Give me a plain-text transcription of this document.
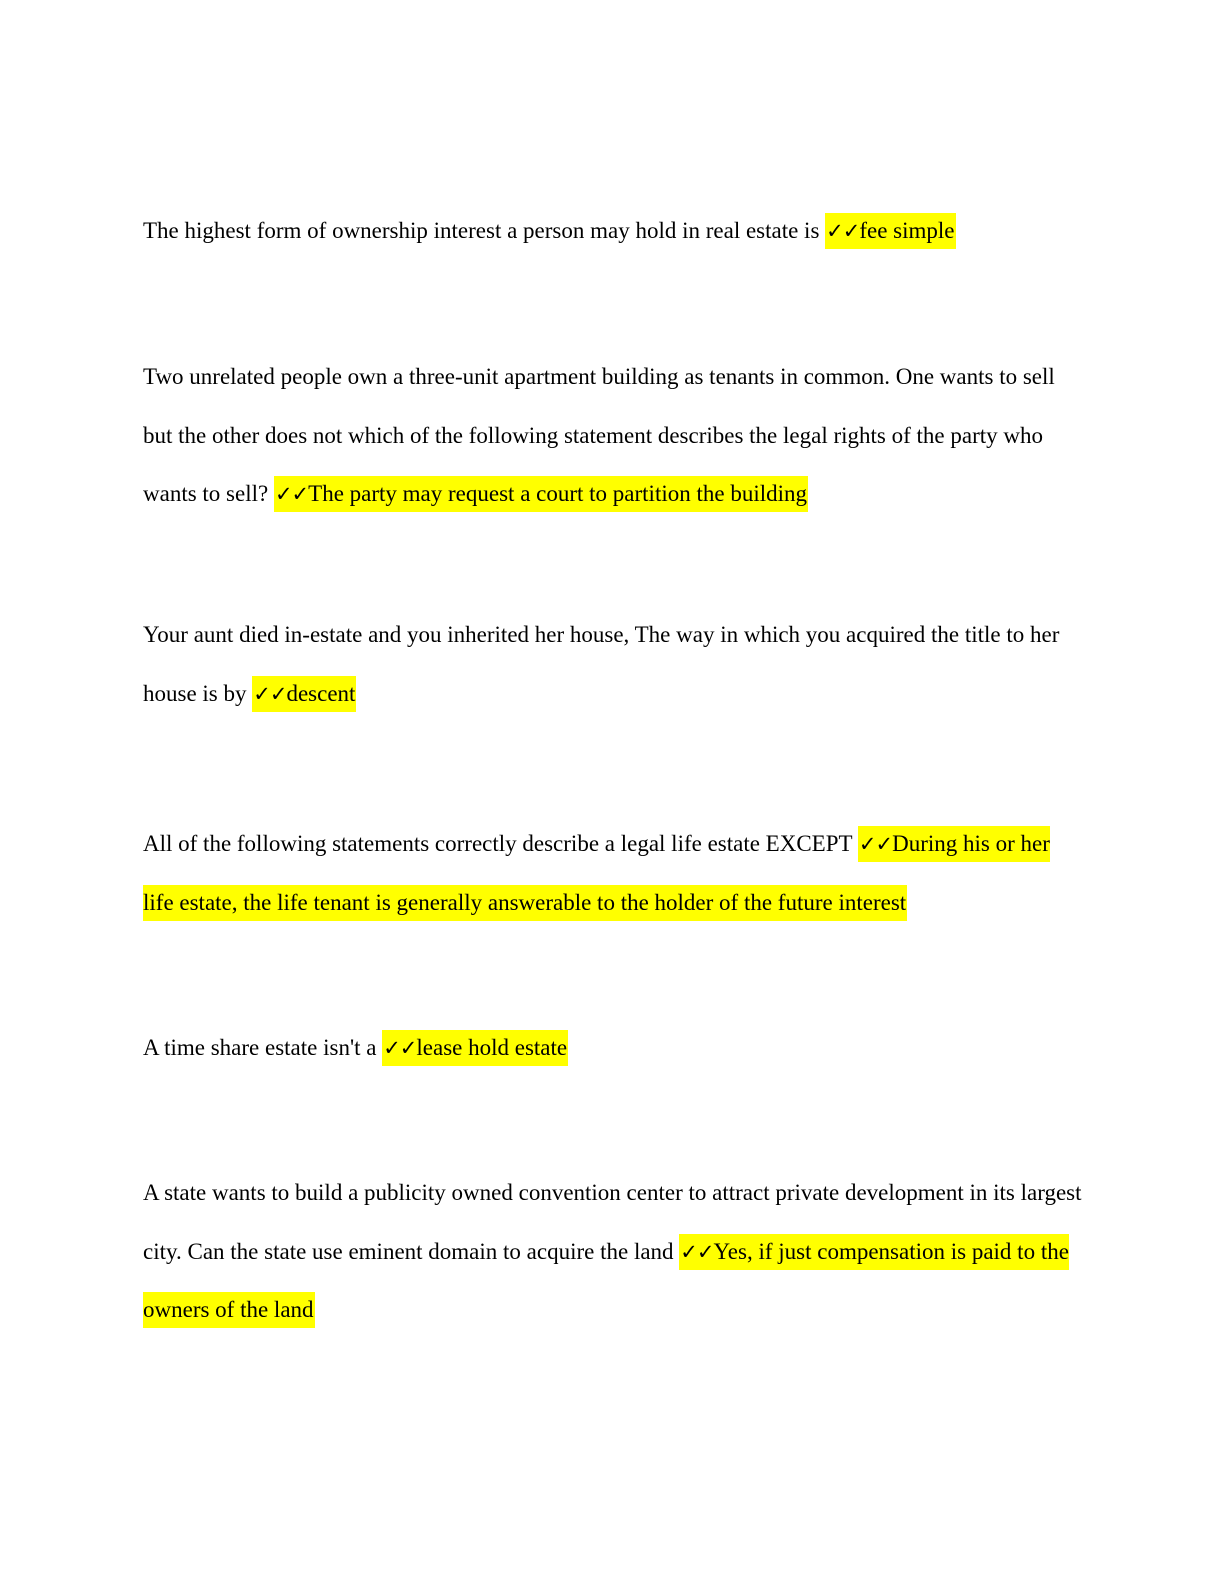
The highest form of ownership interest a person may hold in real estate is ✓✓fee simple

Two unrelated people own a three-unit apartment building as tenants in common. One wants to sell but the other does not which of the following statement describes the legal rights of the party who wants to sell? ✓✓The party may request a court to partition the building

Your aunt died in-estate and you inherited her house, The way in which you acquired the title to her house is by ✓✓descent

All of the following statements correctly describe a legal life estate EXCEPT ✓✓During his or her life estate, the life tenant is generally answerable to the holder of the future interest

A time share estate isn't a ✓✓lease hold estate

A state wants to build a publicity owned convention center to attract private development in its largest city. Can the state use eminent domain to acquire the land ✓✓Yes, if just compensation is paid to the owners of the land
